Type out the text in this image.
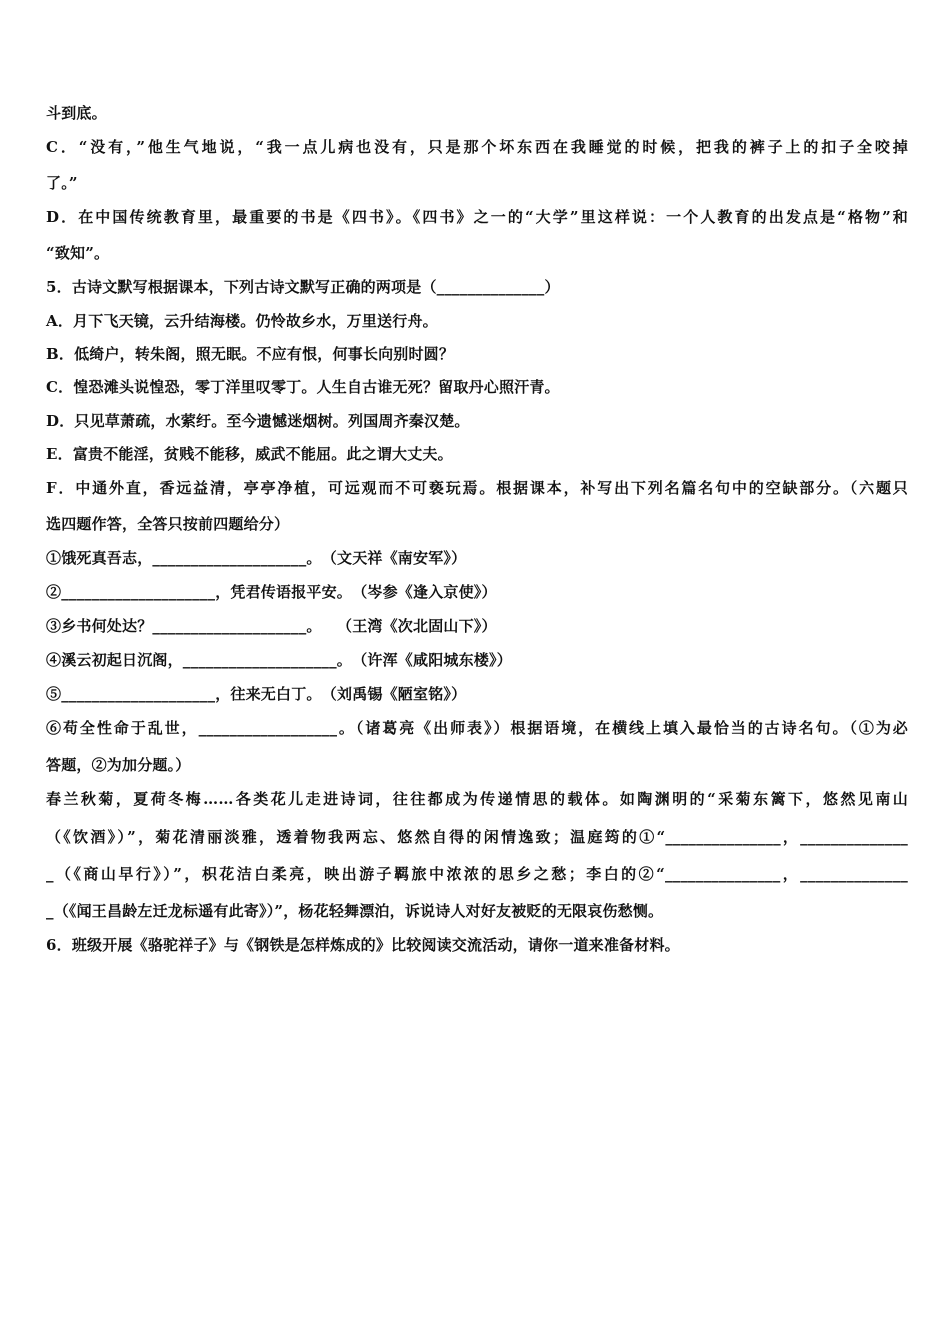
斗到底。
C．“没有，”他生气地说，“我一点儿病也没有，只是那个坏东西在我睡觉的时候，把我的裤子上的扣子全咬掉
了。”
D．在中国传统教育里，最重要的书是《四书》。《四书》之一的“大学”里这样说：一个人教育的出发点是“格物”和
“致知”。
5．古诗文默写根据课本，下列古诗文默写正确的两项是（______________）
A．月下飞天镜，云升结海楼。仍怜故乡水，万里送行舟。
B．低绮户，转朱阁，照无眠。不应有恨，何事长向别时圆？
C．惶恐滩头说惶恐，零丁洋里叹零丁。人生自古谁无死？留取丹心照汗青。
D．只见草萧疏，水萦纡。至今遗憾迷烟树。列国周齐秦汉楚。
E．富贵不能淫，贫贱不能移，威武不能屈。此之谓大丈夫。
F．中通外直，香远益清，亭亭净植，可远观而不可亵玩焉。根据课本，补写出下列名篇名句中的空缺部分。（六题只
选四题作答，全答只按前四题给分）
①饿死真吾志，____________________。　（文天祥《南安军》）
②____________________，凭君传语报平安。　（岑参《逢入京使》）
③乡书何处达？____________________。　　（王湾《次北固山下》）
④溪云初起日沉阁，____________________。　（许浑《咸阳城东楼》）
⑤____________________，往来无白丁。　（刘禹锡《陋室铭》）
⑥苟全性命于乱世，__________________。（诸葛亮《出师表》）根据语境，在横线上填入最恰当的古诗名句。（①为必
答题，②为加分题。）
春兰秋菊，夏荷冬梅……各类花儿走进诗词，往往都成为传递情思的载体。如陶渊明的“采菊东篱下，悠然见南山
（《饮酒》）”，菊花清丽淡雅，透着物我两忘、悠然自得的闲情逸致；温庭筠的①“_______________，______________
_（《商山早行》）”，枳花洁白柔亮，映出游子羁旅中浓浓的思乡之愁；李白的②“_______________，______________
_（《闻王昌龄左迁龙标遥有此寄》）”，杨花轻舞漂泊，诉说诗人对好友被贬的无限哀伤愁恻。
6．班级开展《骆驼祥子》与《钢铁是怎样炼成的》比较阅读交流活动，请你一道来准备材料。
